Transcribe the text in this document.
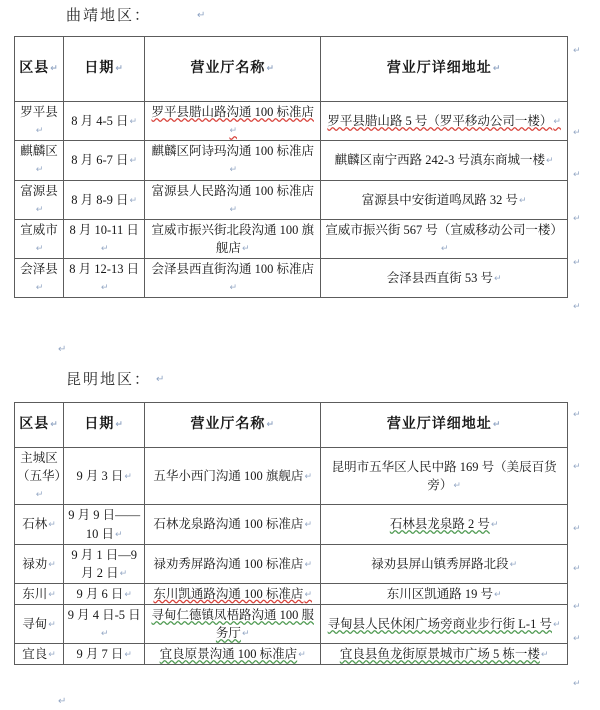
曲靖地区：	↵
区县↵	日期↵	营业厅名称↵	营业厅详细地址↵
罗平县↵	8 月 4-5 日↵	罗平县腊山路沟通 100 标准店↵	罗平县腊山路 5 号（罗平移动公司一楼）↵
麒麟区↵	8 月 6-7 日↵	麒麟区阿诗玛沟通 100 标准店↵	麒麟区南宁西路 242-3 号滇东商城一楼↵
富源县↵	8 月 8-9 日↵	富源县人民路沟通 100 标准店↵	富源县中安街道鸣凤路 32 号↵
宣威市↵	8 月 10-11 日↵	宣威市振兴街北段沟通 100 旗舰店↵	宣威市振兴街 567 号（宣威移动公司一楼）↵
会泽县↵	8 月 12-13 日↵	会泽县西直街沟通 100 标准店↵	会泽县西直街 53 号↵
↵
↵
↵
↵
↵
↵
↵
昆明地区： ↵
区县↵	日期↵	营业厅名称↵	营业厅详细地址↵
主城区（五华）↵	9 月 3 日↵	五华小西门沟通 100 旗舰店↵	昆明市五华区人民中路 169 号（美辰百货旁）↵
石林↵	9 月 9 日——10 日↵	石林龙泉路沟通 100 标准店↵	石林县龙泉路 2 号↵
禄劝↵	9 月 1 日—9 月 2 日↵	禄劝秀屏路沟通 100 标准店↵	禄劝县屏山镇秀屏路北段↵
东川↵	9 月 6 日↵	东川凯通路沟通 100 标准店↵	东川区凯通路 19 号↵
寻甸↵	9 月 4 日-5 日↵	寻甸仁德镇凤梧路沟通 100 服务厅↵	寻甸县人民休闲广场旁商业步行街 L-1 号↵
宜良↵	9 月 7 日↵	宜良原景沟通 100 标准店↵	宜良县鱼龙街原景城市广场 5 栋一楼↵
↵
↵
↵
↵
↵
↵
↵
↵
